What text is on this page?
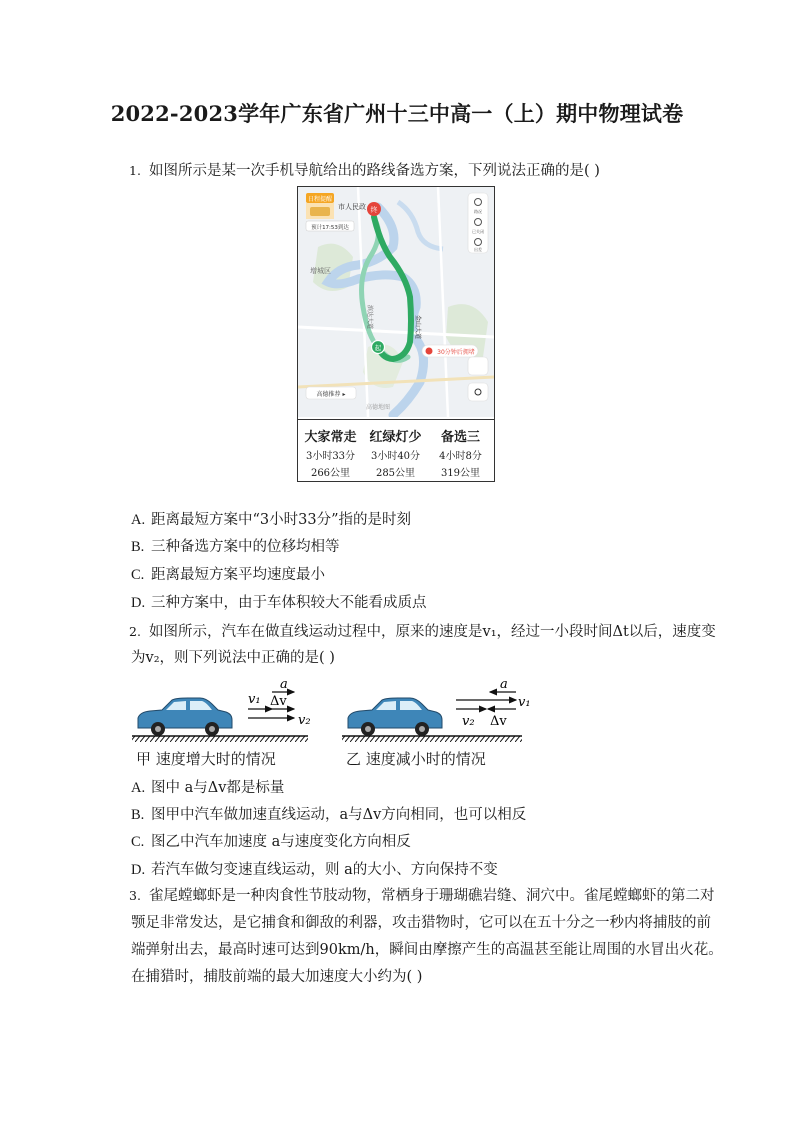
2022-2023学年广东省广州十三中高一（上）期中物理试卷
1. 如图所示是某一次手机导航给出的路线备选方案，下列说法正确的是( )
日程提醒
市人民政
预计17:53到达
终
起
增城区
滨达大道	金山大道
30分钟后拥堵
路况
已关闭
出差
高德推荐 ▸
高德地图
大家常走
3小时33分
266公里
红绿灯少
3小时40分
285公里
备选三
4小时8分
319公里
A. 距离最短方案中“3小时33分”指的是时刻
B. 三种备选方案中的位移均相等
C. 距离最短方案平均速度最小
D. 三种方案中，由于车体积较大不能看成质点
2. 如图所示，汽车在做直线运动过程中，原来的速度是v₁，经过一小段时间Δt以后，速度变
为v₂，则下列说法中正确的是( )
a
v₁ Δv
v₂
a
v₁
v₂ Δv
甲 速度增大时的情况	乙 速度减小时的情况
A. 图中 a与Δv都是标量
B. 图甲中汽车做加速直线运动，a与Δv方向相同，也可以相反
C. 图乙中汽车加速度 a与速度变化方向相反
D. 若汽车做匀变速直线运动，则 a的大小、方向保持不变
3. 雀尾螳螂虾是一种肉食性节肢动物，常栖身于珊瑚礁岩缝、洞穴中。雀尾螳螂虾的第二对
颚足非常发达，是它捕食和御敌的利器，攻击猎物时，它可以在五十分之一秒内将捕肢的前
端弹射出去，最高时速可达到90km/h，瞬间由摩擦产生的高温甚至能让周围的水冒出火花。
在捕猎时，捕肢前端的最大加速度大小约为( )
